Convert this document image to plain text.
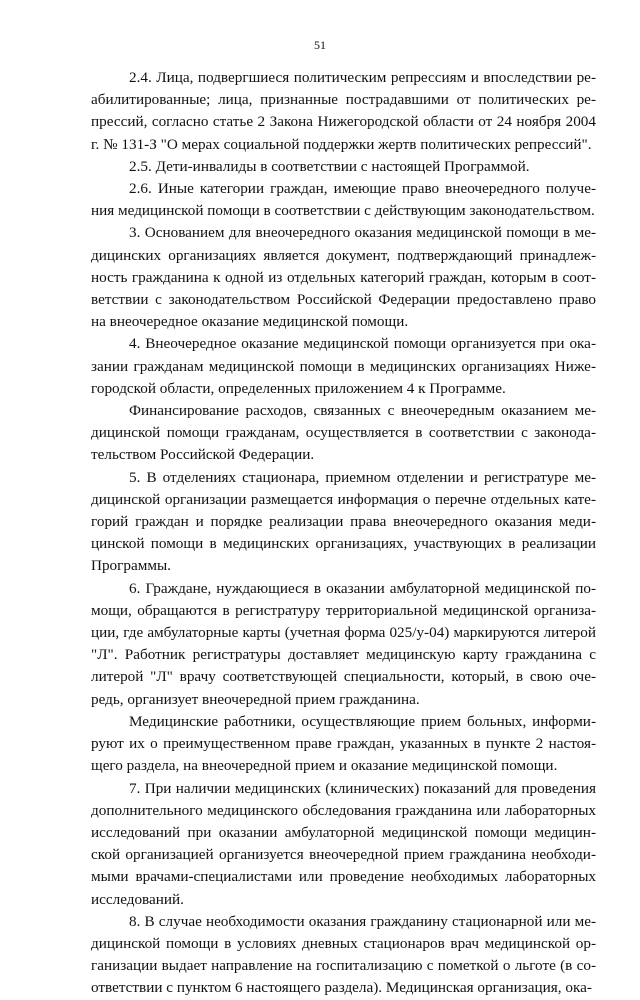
51

2.4. Лица, подвергшиеся политическим репрессиям и впоследствии реабилитированные; лица, признанные пострадавшими от политических репрессий, согласно статье 2 Закона Нижегородской области от 24 ноября 2004 г. № 131-З "О мерах социальной поддержки жертв политических репрессий".

2.5. Дети-инвалиды в соответствии с настоящей Программой.

2.6. Иные категории граждан, имеющие право внеочередного получения медицинской помощи в соответствии с действующим законодательством.

3. Основанием для внеочередного оказания медицинской помощи в медицинских организациях является документ, подтверждающий принадлежность гражданина к одной из отдельных категорий граждан, которым в соответствии с законодательством Российской Федерации предоставлено право на внеочередное оказание медицинской помощи.

4. Внеочередное оказание медицинской помощи организуется при оказании гражданам медицинской помощи в медицинских организациях Нижегородской области, определенных приложением 4 к Программе.

Финансирование расходов, связанных с внеочередным оказанием медицинской помощи гражданам, осуществляется в соответствии с законодательством Российской Федерации.

5. В отделениях стационара, приемном отделении и регистратуре медицинской организации размещается информация о перечне отдельных категорий граждан и порядке реализации права внеочередного оказания медицинской помощи в медицинских организациях, участвующих в реализации Программы.

6. Граждане, нуждающиеся в оказании амбулаторной медицинской помощи, обращаются в регистратуру территориальной медицинской организации, где амбулаторные карты (учетная форма 025/у-04) маркируются литерой "Л". Работник регистратуры доставляет медицинскую карту гражданина с литерой "Л" врачу соответствующей специальности, который, в свою очередь, организует внеочередной прием гражданина.

Медицинские работники, осуществляющие прием больных, информируют их о преимущественном праве граждан, указанных в пункте 2 настоящего раздела, на внеочередной прием и оказание медицинской помощи.

7. При наличии медицинских (клинических) показаний для проведения дополнительного медицинского обследования гражданина или лабораторных исследований при оказании амбулаторной медицинской помощи медицинской организацией организуется внеочередной прием гражданина необходимыми врачами-специалистами или проведение необходимых лабораторных исследований.

8. В случае необходимости оказания гражданину стационарной или медицинской помощи в условиях дневных стационаров врач медицинской организации выдает направление на госпитализацию с пометкой о льготе (в соответствии с пунктом 6 настоящего раздела). Медицинская организация, ока-
